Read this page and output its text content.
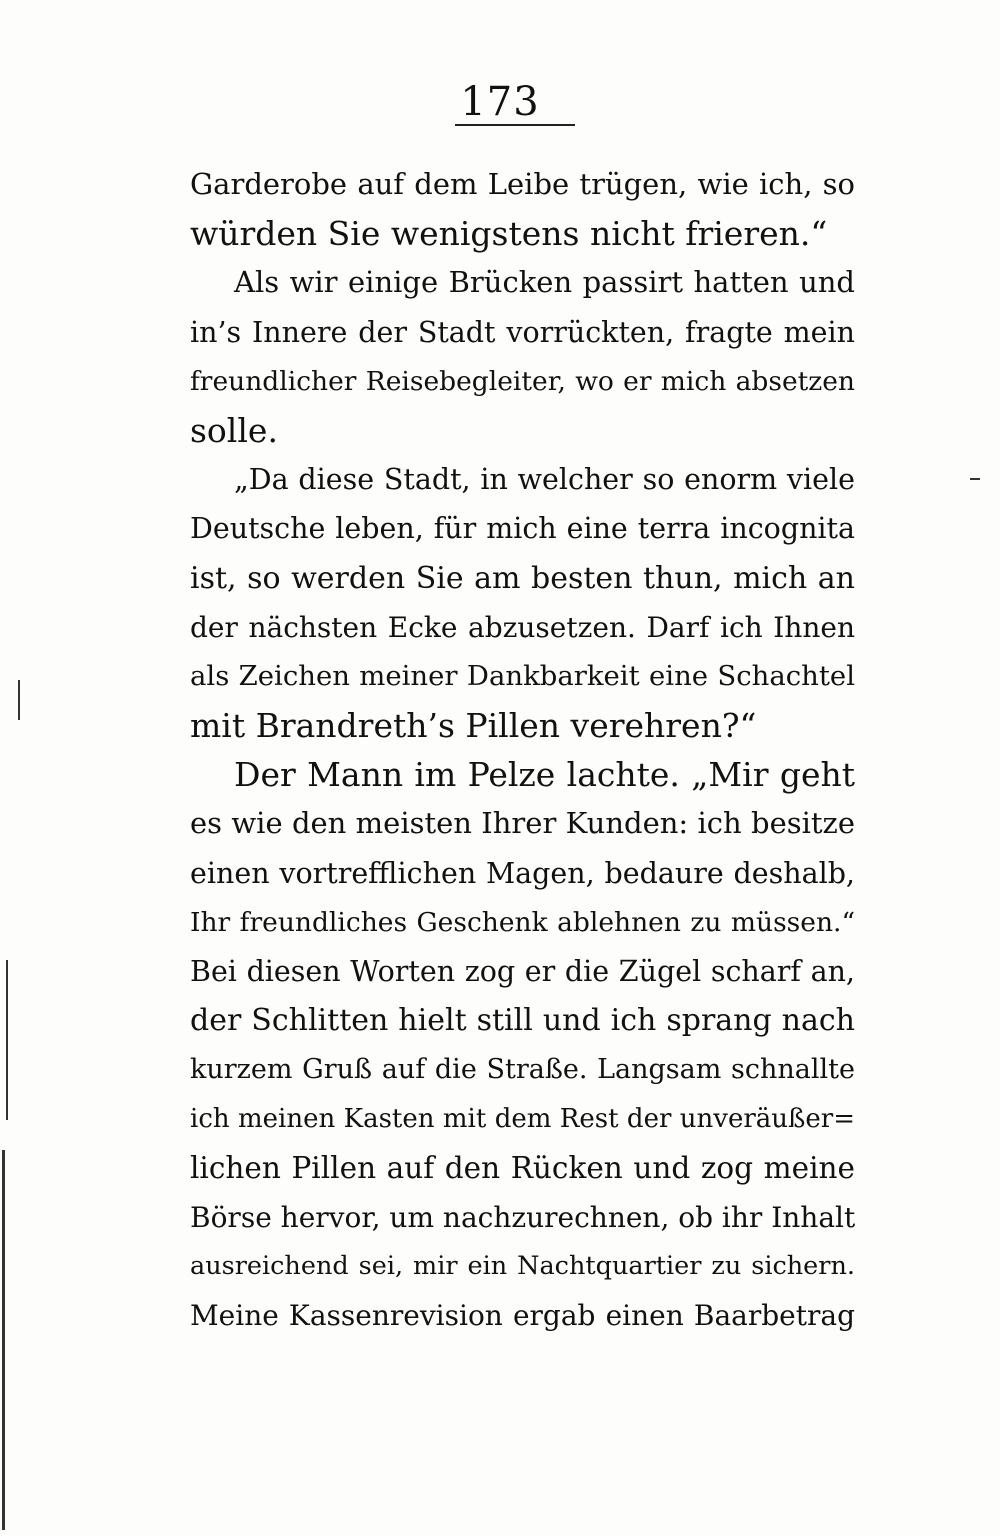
173
Garderobe auf dem Leibe trügen, wie ich, so
würden Sie wenigstens nicht frieren.“
Als wir einige Brücken passirt hatten und
in’s Innere der Stadt vorrückten, fragte mein
freundlicher Reisebegleiter, wo er mich absetzen
solle.
„Da diese Stadt, in welcher so enorm viele
Deutsche leben, für mich eine terra incognita
ist, so werden Sie am besten thun, mich an
der nächsten Ecke abzusetzen. Darf ich Ihnen
als Zeichen meiner Dankbarkeit eine Schachtel
mit Brandreth’s Pillen verehren?“
Der Mann im Pelze lachte. „Mir geht
es wie den meisten Ihrer Kunden: ich besitze
einen vortrefflichen Magen, bedaure deshalb,
Ihr freundliches Geschenk ablehnen zu müssen.“
Bei diesen Worten zog er die Zügel scharf an,
der Schlitten hielt still und ich sprang nach
kurzem Gruß auf die Straße. Langsam schnallte
ich meinen Kasten mit dem Rest der unveräußer=
lichen Pillen auf den Rücken und zog meine
Börse hervor, um nachzurechnen, ob ihr Inhalt
ausreichend sei, mir ein Nachtquartier zu sichern.
Meine Kassenrevision ergab einen Baarbetrag
